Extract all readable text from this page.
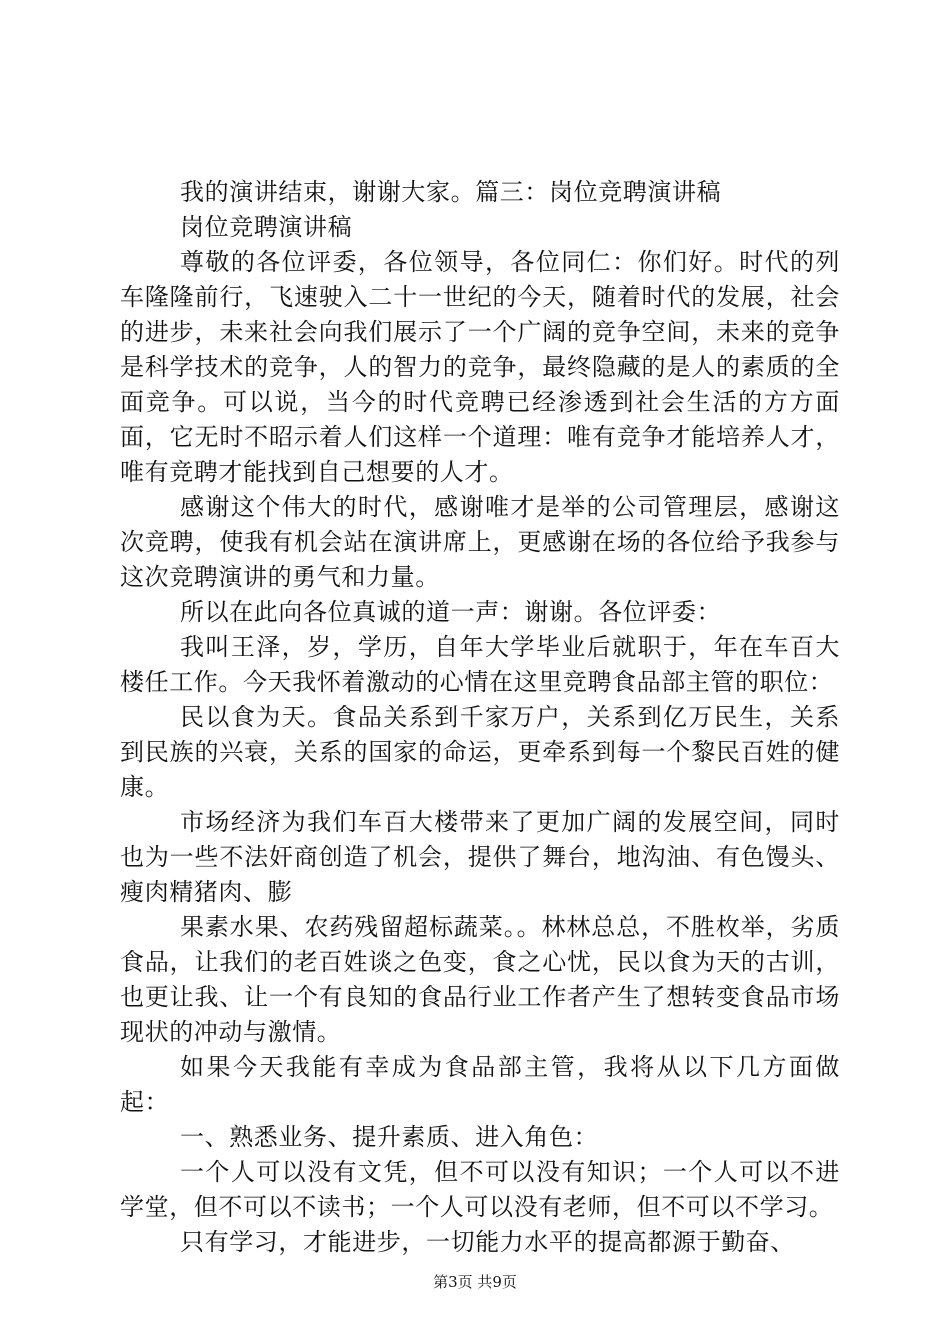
我的演讲结束，谢谢大家。篇三：岗位竞聘演讲稿

岗位竞聘演讲稿

尊敬的各位评委，各位领导，各位同仁：你们好。时代的列车隆隆前行，飞速驶入二十一世纪的今天，随着时代的发展，社会的进步，未来社会向我们展示了一个广阔的竞争空间，未来的竞争是科学技术的竞争，人的智力的竞争，最终隐藏的是人的素质的全面竞争。可以说，当今的时代竞聘已经渗透到社会生活的方方面面，它无时不昭示着人们这样一个道理：唯有竞争才能培养人才，唯有竞聘才能找到自己想要的人才。

感谢这个伟大的时代，感谢唯才是举的公司管理层，感谢这次竞聘，使我有机会站在演讲席上，更感谢在场的各位给予我参与这次竞聘演讲的勇气和力量。

所以在此向各位真诚的道一声：谢谢。各位评委：

我叫王泽，岁，学历，自年大学毕业后就职于，年在车百大楼任工作。今天我怀着激动的心情在这里竞聘食品部主管的职位：

民以食为天。食品关系到千家万户，关系到亿万民生，关系到民族的兴衰，关系的国家的命运，更牵系到每一个黎民百姓的健康。

市场经济为我们车百大楼带来了更加广阔的发展空间，同时也为一些不法奸商创造了机会，提供了舞台，地沟油、有色馒头、瘦肉精猪肉、膨

果素水果、农药残留超标蔬菜。。林林总总，不胜枚举，劣质食品，让我们的老百姓谈之色变，食之心忧，民以食为天的古训，也更让我、让一个有良知的食品行业工作者产生了想转变食品市场现状的冲动与激情。

如果今天我能有幸成为食品部主管，我将从以下几方面做起：

一、熟悉业务、提升素质、进入角色：

一个人可以没有文凭，但不可以没有知识；一个人可以不进学堂，但不可以不读书；一个人可以没有老师，但不可以不学习。

只有学习，才能进步，一切能力水平的提高都源于勤奋、

第3页 共9页
